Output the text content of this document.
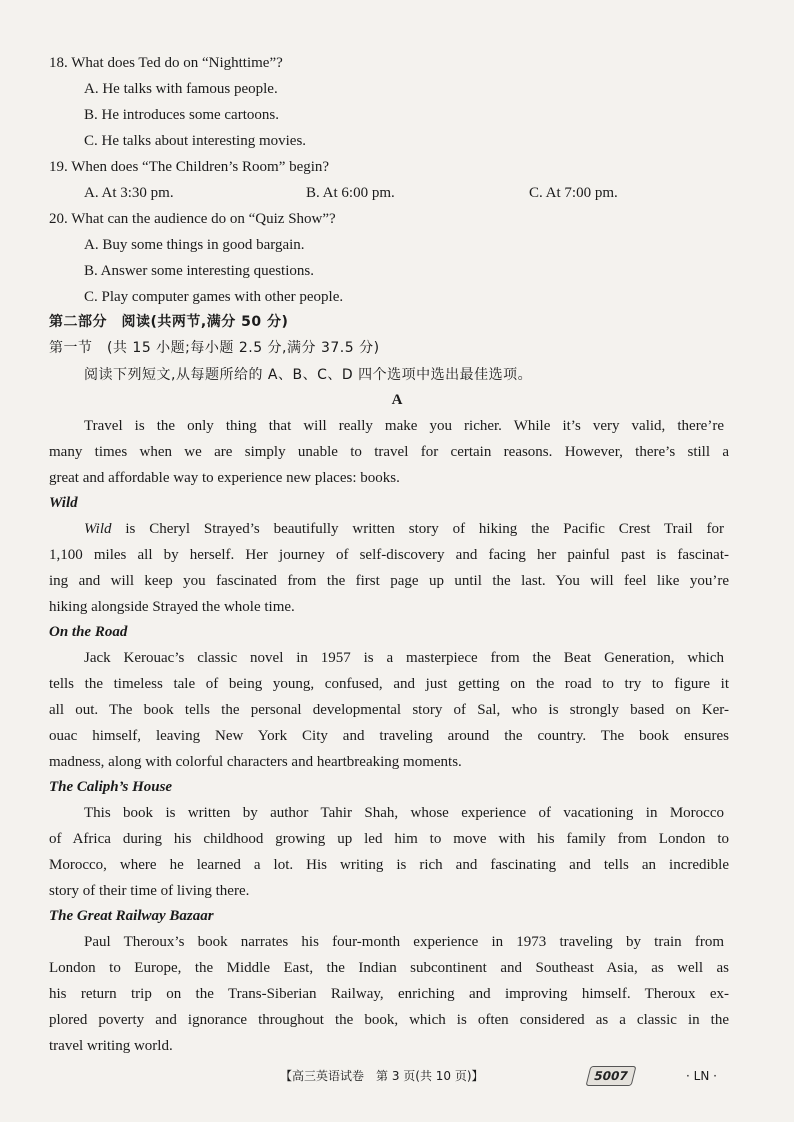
18. What does Ted do on “Nighttime”?
A. He talks with famous people.
B. He introduces some cartoons.
C. He talks about interesting movies.
19. When does “The Children’s Room” begin?
A. At 3:30 pm.	B. At 6:00 pm.	C. At 7:00 pm.
20. What can the audience do on “Quiz Show”?
A. Buy some things in good bargain.
B. Answer some interesting questions.
C. Play computer games with other people.
第二部分　阅读(共两节,满分 50 分)
第一节　(共 15 小题;每小题 2.5 分,满分 37.5 分)
阅读下列短文,从每题所给的 A、B、C、D 四个选项中选出最佳选项。
A
Travel is the only thing that will really make you richer. While it’s very valid, there’re
many times when we are simply unable to travel for certain reasons. However, there’s still a
great and affordable way to experience new places: books.
Wild
Wild is Cheryl Strayed’s beautifully written story of hiking the Pacific Crest Trail for
1,100 miles all by herself. Her journey of self-discovery and facing her painful past is fascinat-
ing and will keep you fascinated from the first page up until the last. You will feel like you’re
hiking alongside Strayed the whole time.
On the Road
Jack Kerouac’s classic novel in 1957 is a masterpiece from the Beat Generation, which
tells the timeless tale of being young, confused, and just getting on the road to try to figure it
all out. The book tells the personal developmental story of Sal, who is strongly based on Ker-
ouac himself, leaving New York City and traveling around the country. The book ensures
madness, along with colorful characters and heartbreaking moments.
The Caliph’s House
This book is written by author Tahir Shah, whose experience of vacationing in Morocco
of Africa during his childhood growing up led him to move with his family from London to
Morocco, where he learned a lot. His writing is rich and fascinating and tells an incredible
story of their time of living there.
The Great Railway Bazaar
Paul Theroux’s book narrates his four-month experience in 1973 traveling by train from
London to Europe, the Middle East, the Indian subcontinent and Southeast Asia, as well as
his return trip on the Trans-Siberian Railway, enriching and improving himself. Theroux ex-
plored poverty and ignorance throughout the book, which is often considered as a classic in the
travel writing world.
【高三英语试卷　第 3 页(共 10 页)】	5007	· LN ·
